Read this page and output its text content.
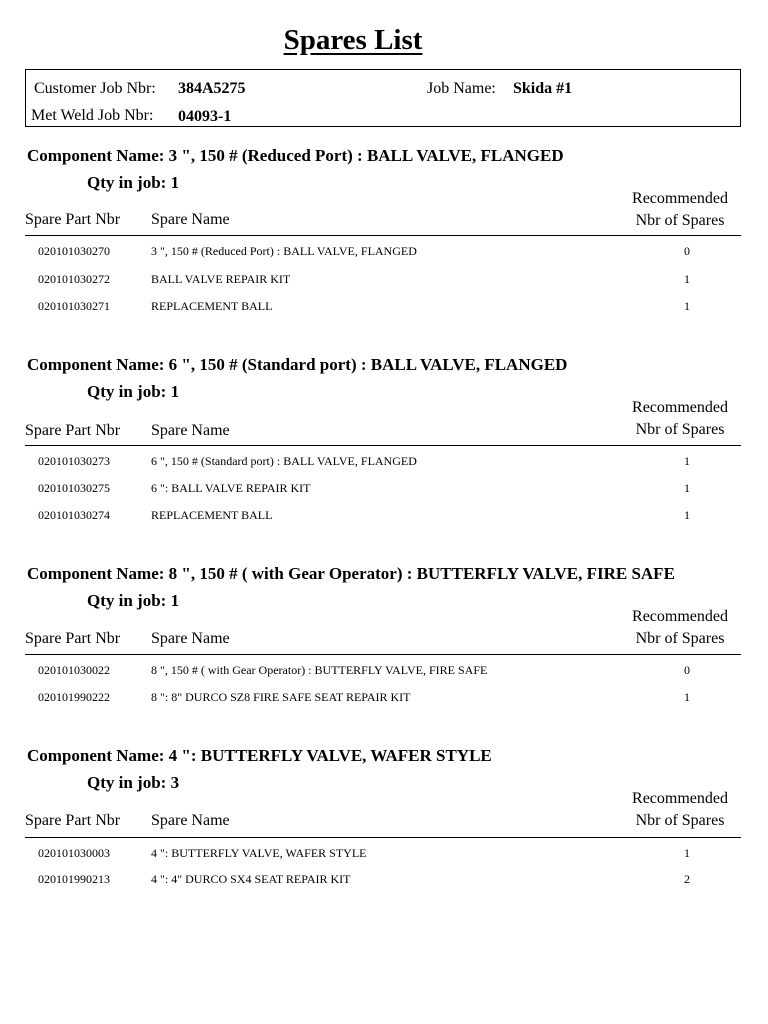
Spares List
Customer Job Nbr: 384A5275	Job Name: Skida #1
Met Weld Job Nbr: 04093-1
Component Name: 3 ", 150 # (Reduced Port) : BALL VALVE, FLANGED
Qty in job: 1
Spare Part Nbr Spare Name
Recommended
Nbr of Spares
020101030270	3 ", 150 # (Reduced Port) : BALL VALVE, FLANGED	0
020101030272	BALL VALVE REPAIR KIT	1
020101030271	REPLACEMENT BALL	1
Component Name: 6 ", 150 # (Standard port) : BALL VALVE, FLANGED
Qty in job: 1
Spare Part Nbr Spare Name
Recommended
Nbr of Spares
020101030273	6 ", 150 # (Standard port) : BALL VALVE, FLANGED	1
020101030275	6 ": BALL VALVE REPAIR KIT	1
020101030274	REPLACEMENT BALL	1
Component Name: 8 ", 150 # ( with Gear Operator) : BUTTERFLY VALVE, FIRE SAFE
Qty in job: 1
Spare Part Nbr Spare Name
Recommended
Nbr of Spares
020101030022	8 ", 150 # ( with Gear Operator) : BUTTERFLY VALVE, FIRE SAFE	0
020101990222	8 ": 8" DURCO SZ8 FIRE SAFE SEAT REPAIR KIT	1
Component Name: 4 ": BUTTERFLY VALVE, WAFER STYLE
Qty in job: 3
Spare Part Nbr Spare Name
Recommended
Nbr of Spares
020101030003	4 ": BUTTERFLY VALVE, WAFER STYLE	1
020101990213	4 ": 4" DURCO SX4 SEAT REPAIR KIT	2
